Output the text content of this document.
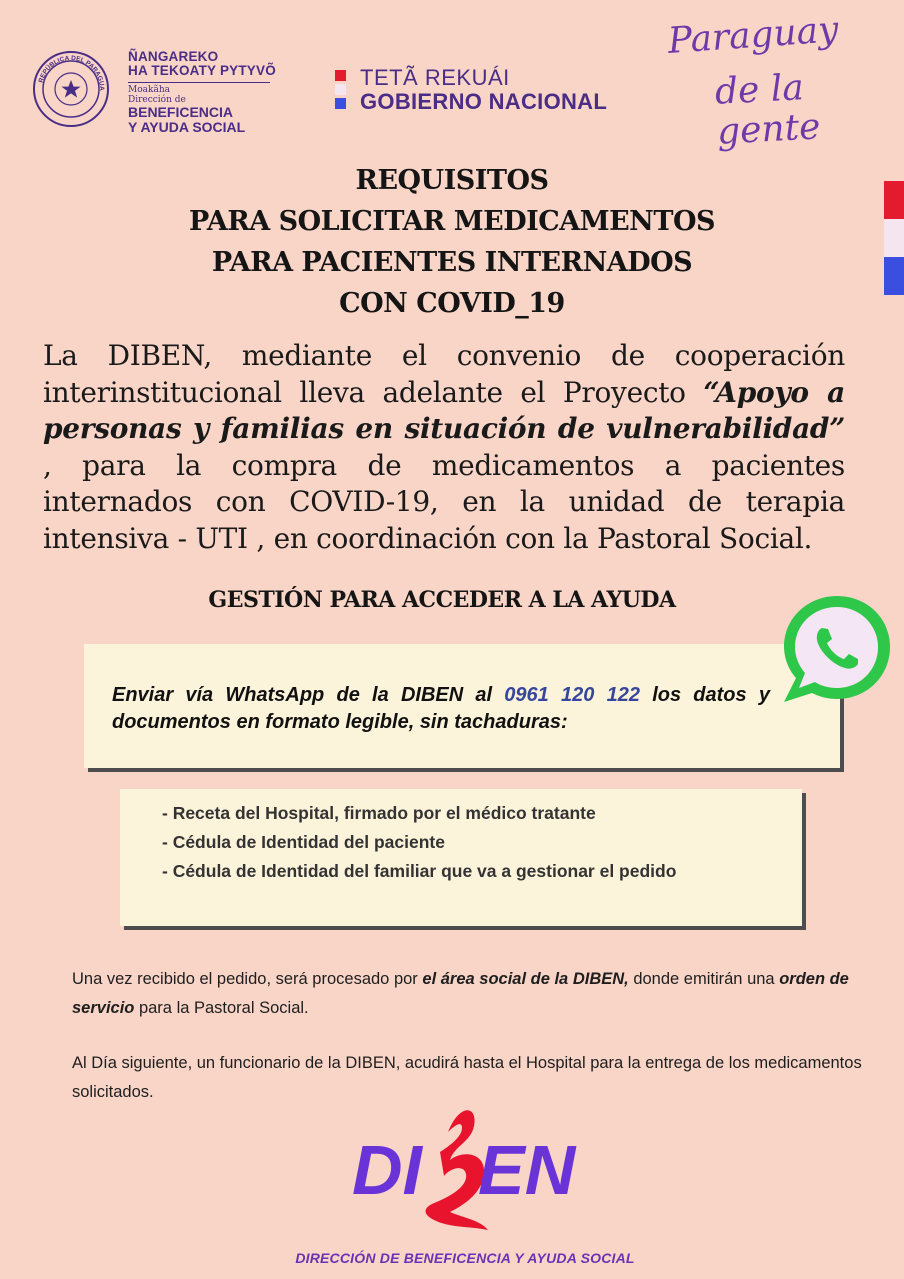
REPÚBLICA DEL PARAGUA
ÑANGAREKO
HA TEKOATY PYTYVÕ
Moakãha
Dirección de
BENEFICENCIA
Y AYUDA SOCIAL
TETÃ REKUÁI
GOBIERNO NACIONAL
Paraguay
de la gente
REQUISITOS
PARA SOLICITAR MEDICAMENTOS
PARA PACIENTES INTERNADOS
CON COVID_19
La DIBEN, mediante el convenio de cooperación interinstitucional lleva adelante el Proyecto “Apoyo a personas y familias en situación de vulnerabilidad” , para la compra de medicamentos a pacientes internados con COVID-19, en la unidad de terapia intensiva - UTI , en coordinación con la Pastoral Social.
GESTIÓN PARA ACCEDER A LA AYUDA
Enviar vía WhatsApp de la DIBEN al 0961 120 122 los datos y documentos en formato legible, sin tachaduras:
- Receta del Hospital, firmado por el médico tratante
- Cédula de Identidad del paciente
- Cédula de Identidad del familiar que va a gestionar el pedido
Una vez recibido el pedido, será procesado por el área social de la DIBEN, donde emitirán una orden de servicio para la Pastoral Social.
Al Día siguiente, un funcionario de la DIBEN, acudirá hasta el Hospital para la entrega de los medicamentos solicitados.
DI EN
DIRECCIÓN DE BENEFICENCIA Y AYUDA SOCIAL
